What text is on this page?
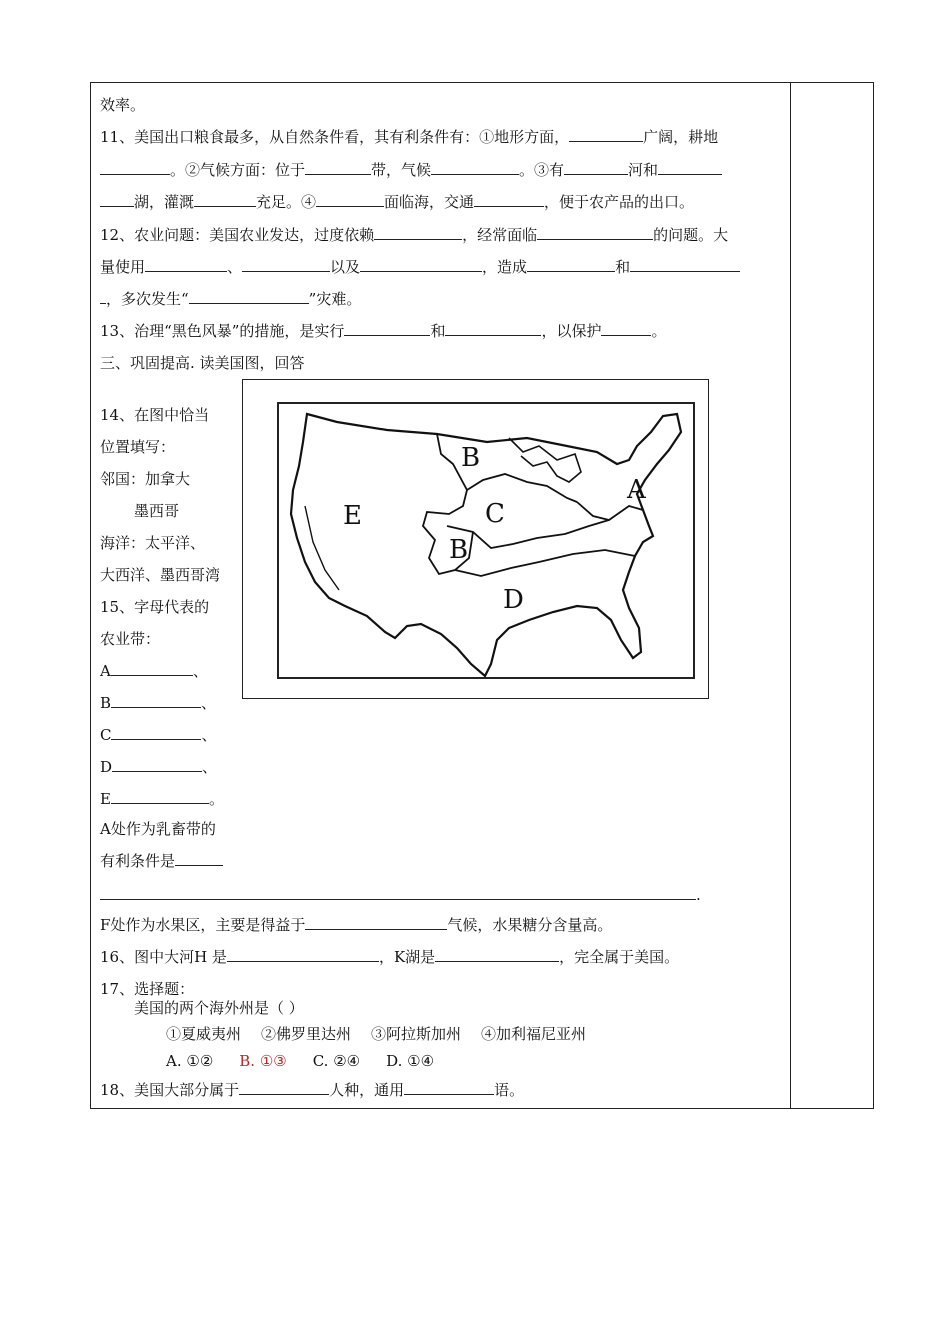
效率。
11、美国出口粮食最多，从自然条件看，其有利条件有：①地形方面，	广阔，耕地
。②气候方面：位于	带，气候	。③有	河和
湖，灌溉	充足。④	面临海，交通	，便于农产品的出口。
12、农业问题：美国农业发达，过度依赖	，经常面临	的问题。大
量使用	、	以及	，造成	和
，多次发生“	”灾难。
13、治理“黑色风暴”的措施，是实行	和	，以保护	。
三、巩固提高. 读美国图，回答
14、在图中恰当
位置填写：
邻国：加拿大
墨西哥
海洋：太平洋、
大西洋、墨西哥湾
15、字母代表的
农业带：
A	、
B	、
C	、
D	、
E	。
A处作为乳畜带的
有利条件是
.
F处作为水果区，主要是得益于	气候，水果糖分含量高。
E
B
C
B
D
A
16、图中大河H 是	，K湖是	，完全属于美国。
17、选择题：
美国的两个海外州是（ ）
①夏威夷州 ②佛罗里达州 ③阿拉斯加州 ④加利福尼亚州
A. ①② B. ①③ C. ②④ D. ①④
18、美国大部分属于	人种，通用	语。
